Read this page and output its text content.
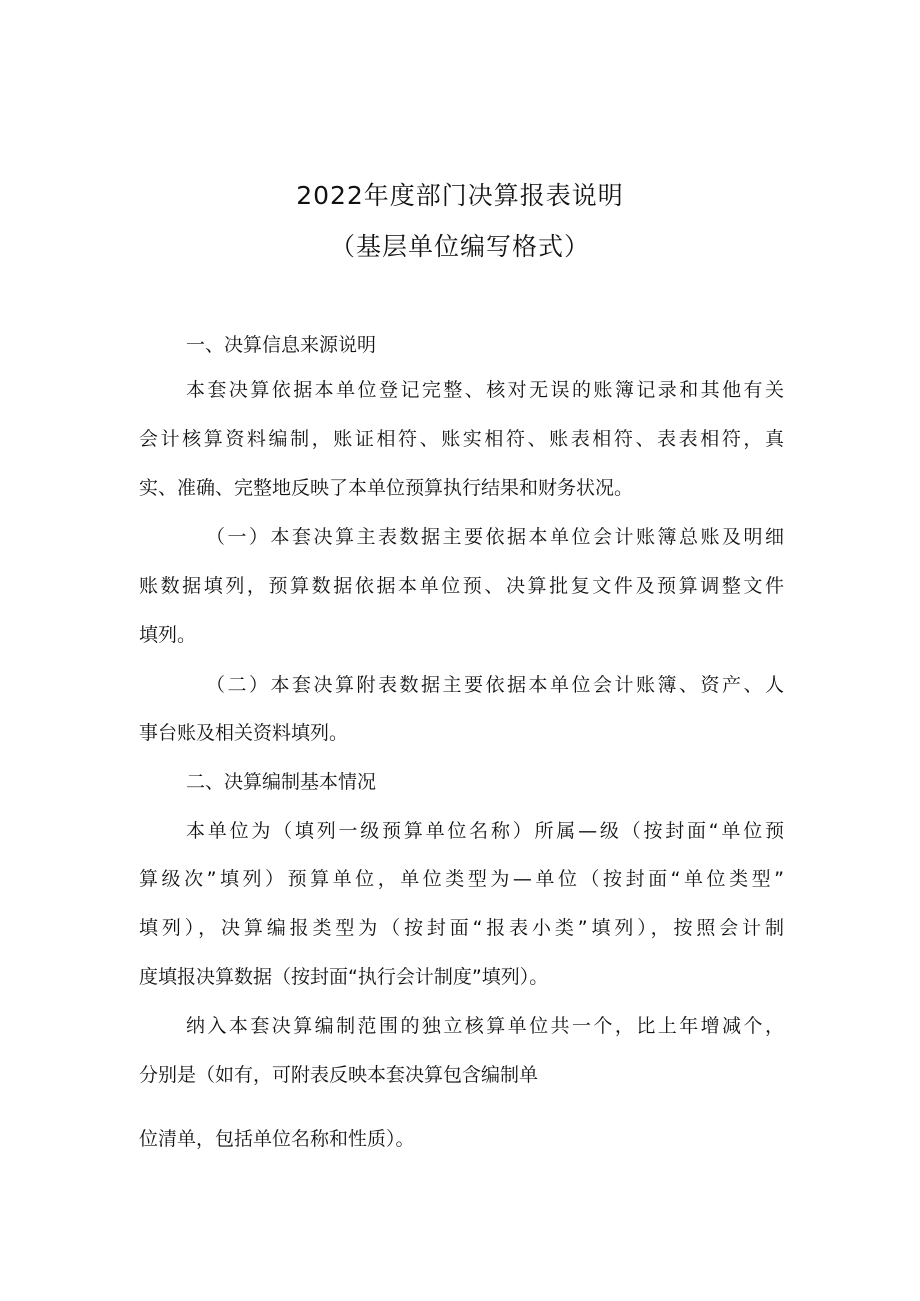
2022年度部门决算报表说明
（基层单位编写格式）
一、决算信息来源说明
本套决算依据本单位登记完整、核对无误的账簿记录和其他有关
会计核算资料编制，账证相符、账实相符、账表相符、表表相符，真
实、准确、完整地反映了本单位预算执行结果和财务状况。
（一）本套决算主表数据主要依据本单位会计账簿总账及明细
账数据填列，预算数据依据本单位预、决算批复文件及预算调整文件
填列。
（二）本套决算附表数据主要依据本单位会计账簿、资产、人
事台账及相关资料填列。
二、决算编制基本情况
本单位为（填列一级预算单位名称）所属—级（按封面“单位预
算级次”填列）预算单位，单位类型为—单位（按封面“单位类型”
填列），决算编报类型为（按封面“报表小类”填列），按照会计制
度填报决算数据（按封面“执行会计制度”填列）。
纳入本套决算编制范围的独立核算单位共一个，比上年增减个，
分别是（如有，可附表反映本套决算包含编制单
位清单，包括单位名称和性质）。
